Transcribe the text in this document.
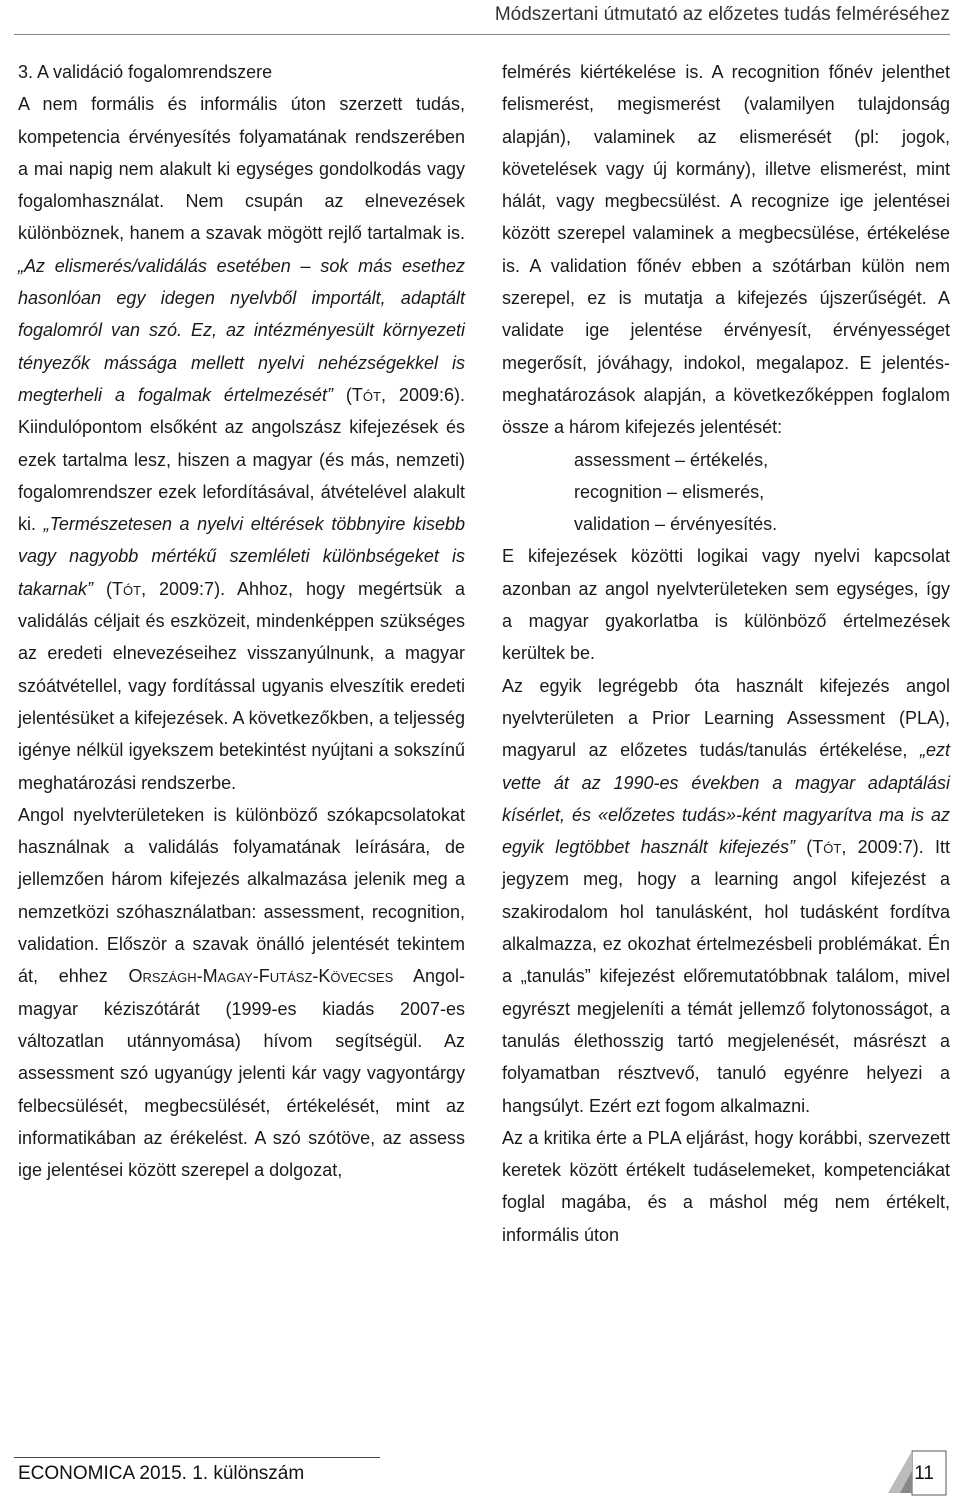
Módszertani útmutató az előzetes tudás felméréséhez

3. A validáció fogalomrendszere

A nem formális és informális úton szerzett tudás, kompetencia érvényesítés folyamatának rendszerében a mai napig nem alakult ki egységes gondolkodás vagy fogalomhasználat. Nem csupán az elnevezések különböznek, hanem a szavak mögött rejlő tartalmak is. „Az elismerés/validálás esetében – sok más esethez hasonlóan egy idegen nyelvből importált, adaptált fogalomról van szó. Ez, az intézményesült környezeti tényezők mássága mellett nyelvi nehézségekkel is megterheli a fogalmak értelmezését” (Tót, 2009:6). Kiindulópontom elsőként az angolszász kifejezések és ezek tartalma lesz, hiszen a magyar (és más, nemzeti) fogalomrendszer ezek lefordításával, átvételével alakult ki. „Természetesen a nyelvi eltérések többnyire kisebb vagy nagyobb mértékű szemléleti különbségeket is takarnak” (Tót, 2009:7). Ahhoz, hogy megértsük a validálás céljait és eszközeit, mindenképpen szükséges az eredeti elnevezéseihez visszanyúlnunk, a magyar szóátvétellel, vagy fordítással ugyanis elveszítik eredeti jelentésüket a kifejezések. A következőkben, a teljesség igénye nélkül igyekszem betekintést nyújtani a sokszínű meghatározási rendszerbe.

Angol nyelvterületeken is különböző szókapcsolatokat használnak a validálás folyamatának leírására, de jellemzően három kifejezés alkalmazása jelenik meg a nemzetközi szóhasználatban: assessment, recognition, validation. Először a szavak önálló jelentését tekintem át, ehhez Országh-Magay-Futász-Kövecses Angol-magyar kéziszótárát (1999-es kiadás 2007-es változatlan utánnyomása) hívom segítségül. Az assessment szó ugyanúgy jelenti kár vagy vagyontárgy felbecsülését, megbecsülését, értékelését, mint az informatikában az érékelést. A szó szótöve, az assess ige jelentései között szerepel a dolgozat,

felmérés kiértékelése is. A recognition főnév jelenthet felismerést, megismerést (valamilyen tulajdonság alapján), valaminek az elismerését (pl: jogok, követelések vagy új kormány), illetve elismerést, mint hálát, vagy megbecsülést. A recognize ige jelentései között szerepel valaminek a megbecsülése, értékelése is. A validation főnév ebben a szótárban külön nem szerepel, ez is mutatja a kifejezés újszerűségét. A validate ige jelentése érvényesít, érvényességet megerősít, jóváhagy, indokol, megalapoz. E jelentés-meghatározások alapján, a következőképpen foglalom össze a három kifejezés jelentését:

assessment – értékelés,

recognition – elismerés,

validation – érvényesítés.

E kifejezések közötti logikai vagy nyelvi kapcsolat azonban az angol nyelvterületeken sem egységes, így a magyar gyakorlatba is különböző értelmezések kerültek be.

Az egyik legrégebb óta használt kifejezés angol nyelvterületen a Prior Learning Assessment (PLA), magyarul az előzetes tudás/tanulás értékelése, „ezt vette át az 1990-es években a magyar adaptálási kísérlet, és «előzetes tudás»-ként magyarítva ma is az egyik legtöbbet használt kifejezés” (Tót, 2009:7). Itt jegyzem meg, hogy a learning angol kifejezést a szakirodalom hol tanulásként, hol tudásként fordítva alkalmazza, ez okozhat értelmezésbeli problémákat. Én a „tanulás” kifejezést előremutatóbbnak találom, mivel egyrészt megjeleníti a témát jellemző folytonosságot, a tanulás élethosszig tartó megjelenését, másrészt a folyamatban résztvevő, tanuló egyénre helyezi a hangsúlyt. Ezért ezt fogom alkalmazni.

Az a kritika érte a PLA eljárást, hogy korábbi, szervezett keretek között értékelt tudáselemeket, kompetenciákat foglal magába, és a máshol még nem értékelt, informális úton

ECONOMICA 2015. 1. különszám	11
